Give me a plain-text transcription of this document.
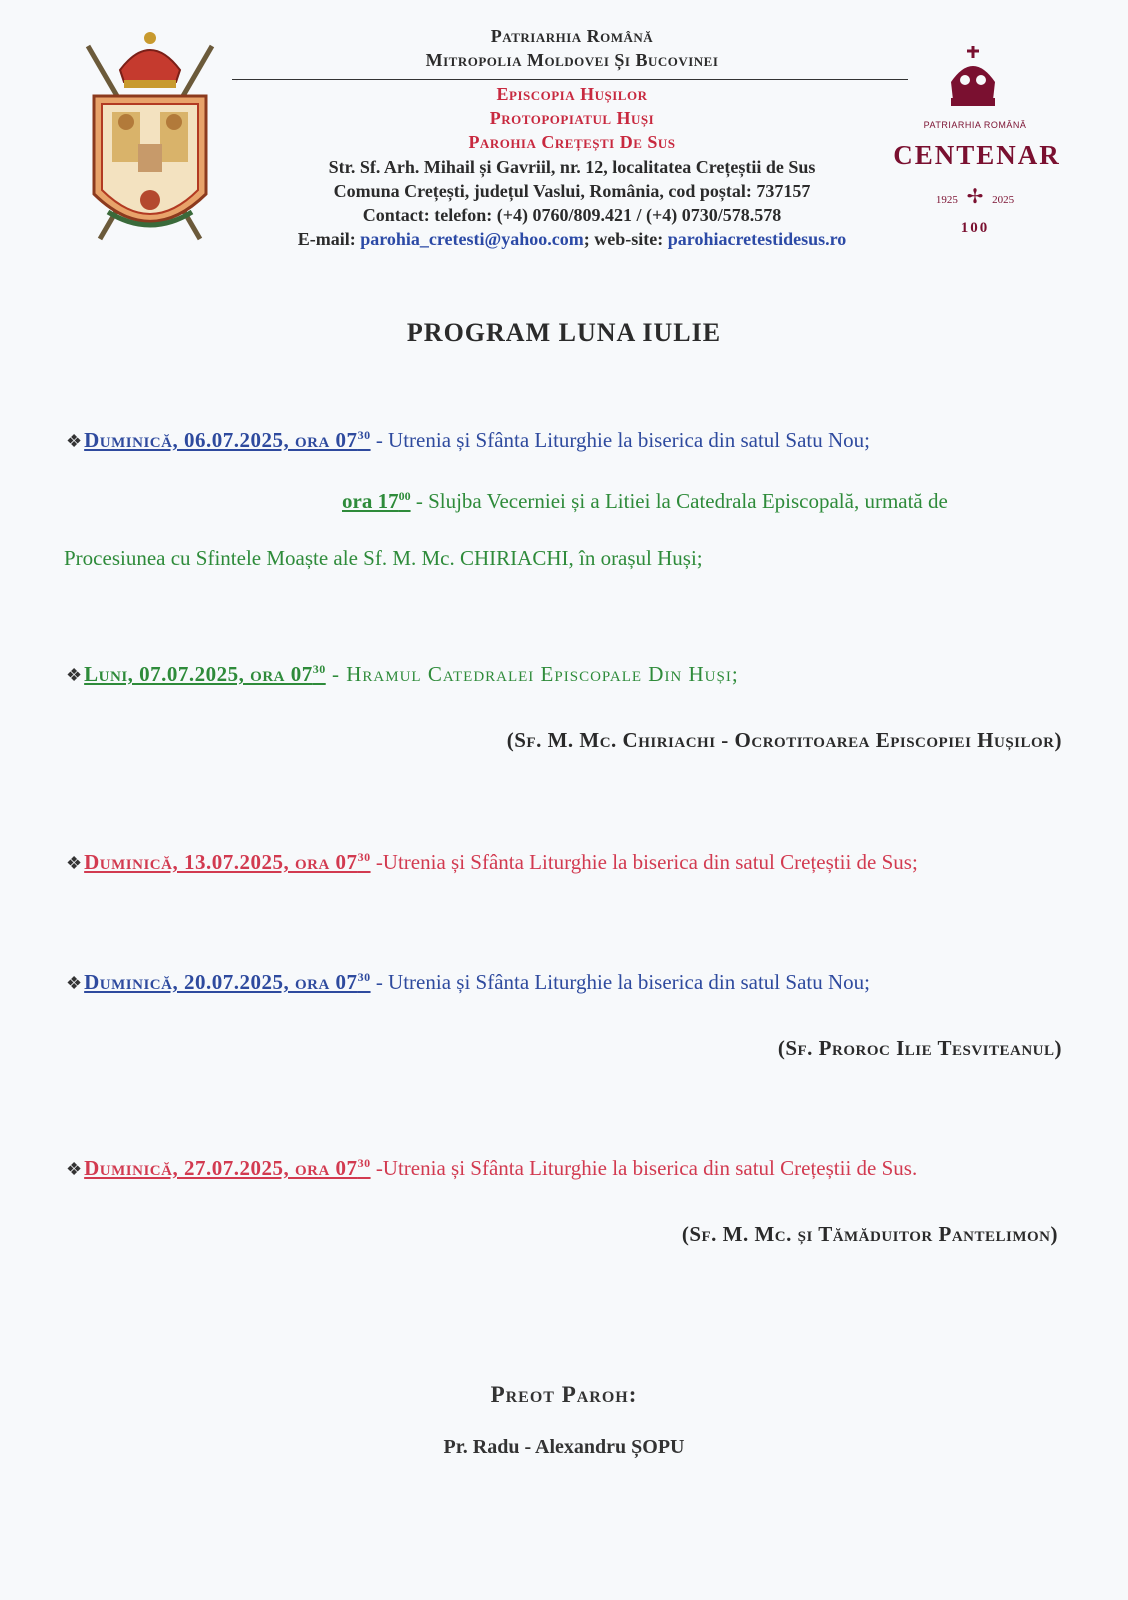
PATRIARHIA ROMÂNĂ
CENTENAR
1925 ✢ 2025
100
Patriarhia Română
Mitropolia Moldovei Și Bucovinei
Episcopia Hușilor
Protopopiatul Huși
Parohia Crețești De Sus
Str. Sf. Arh. Mihail și Gavriil, nr. 12, localitatea Crețeștii de Sus
Comuna Crețești, județul Vaslui, România, cod poștal: 737157
Contact: telefon: (+4) 0760/809.421 / (+4) 0730/578.578
E-mail: parohia_cretesti@yahoo.com; web-site: parohiacretestidesus.ro
PROGRAM LUNA IULIE
❖Duminică, 06.07.2025, ora $07^{30}$ - Utrenia și Sfânta Liturghie la biserica din satul Satu Nou;
ora $17^{00}$ - Slujba Vecerniei și a Litiei la Catedrala Episcopală, urmată de
Procesiunea cu Sfintele Moaște ale Sf. M. Mc. CHIRIACHI, în orașul Huși;
❖Luni, 07.07.2025, ora $07^{30}$ - Hramul Catedralei Episcopale Din Huși;
(Sf. M. Mc. Chiriachi - Ocrotitoarea Episcopiei Hușilor)
❖Duminică, 13.07.2025, ora $07^{30}$ -Utrenia și Sfânta Liturghie la biserica din satul Crețeștii de Sus;
❖Duminică, 20.07.2025, ora $07^{30}$ - Utrenia și Sfânta Liturghie la biserica din satul Satu Nou;
(Sf. Proroc Ilie Tesviteanul)
❖Duminică, 27.07.2025, ora $07^{30}$ -Utrenia și Sfânta Liturghie la biserica din satul Crețeștii de Sus.
(Sf. M. Mc. și Tămăduitor Pantelimon)
Preot Paroh:
Pr. Radu - Alexandru ȘOPU
